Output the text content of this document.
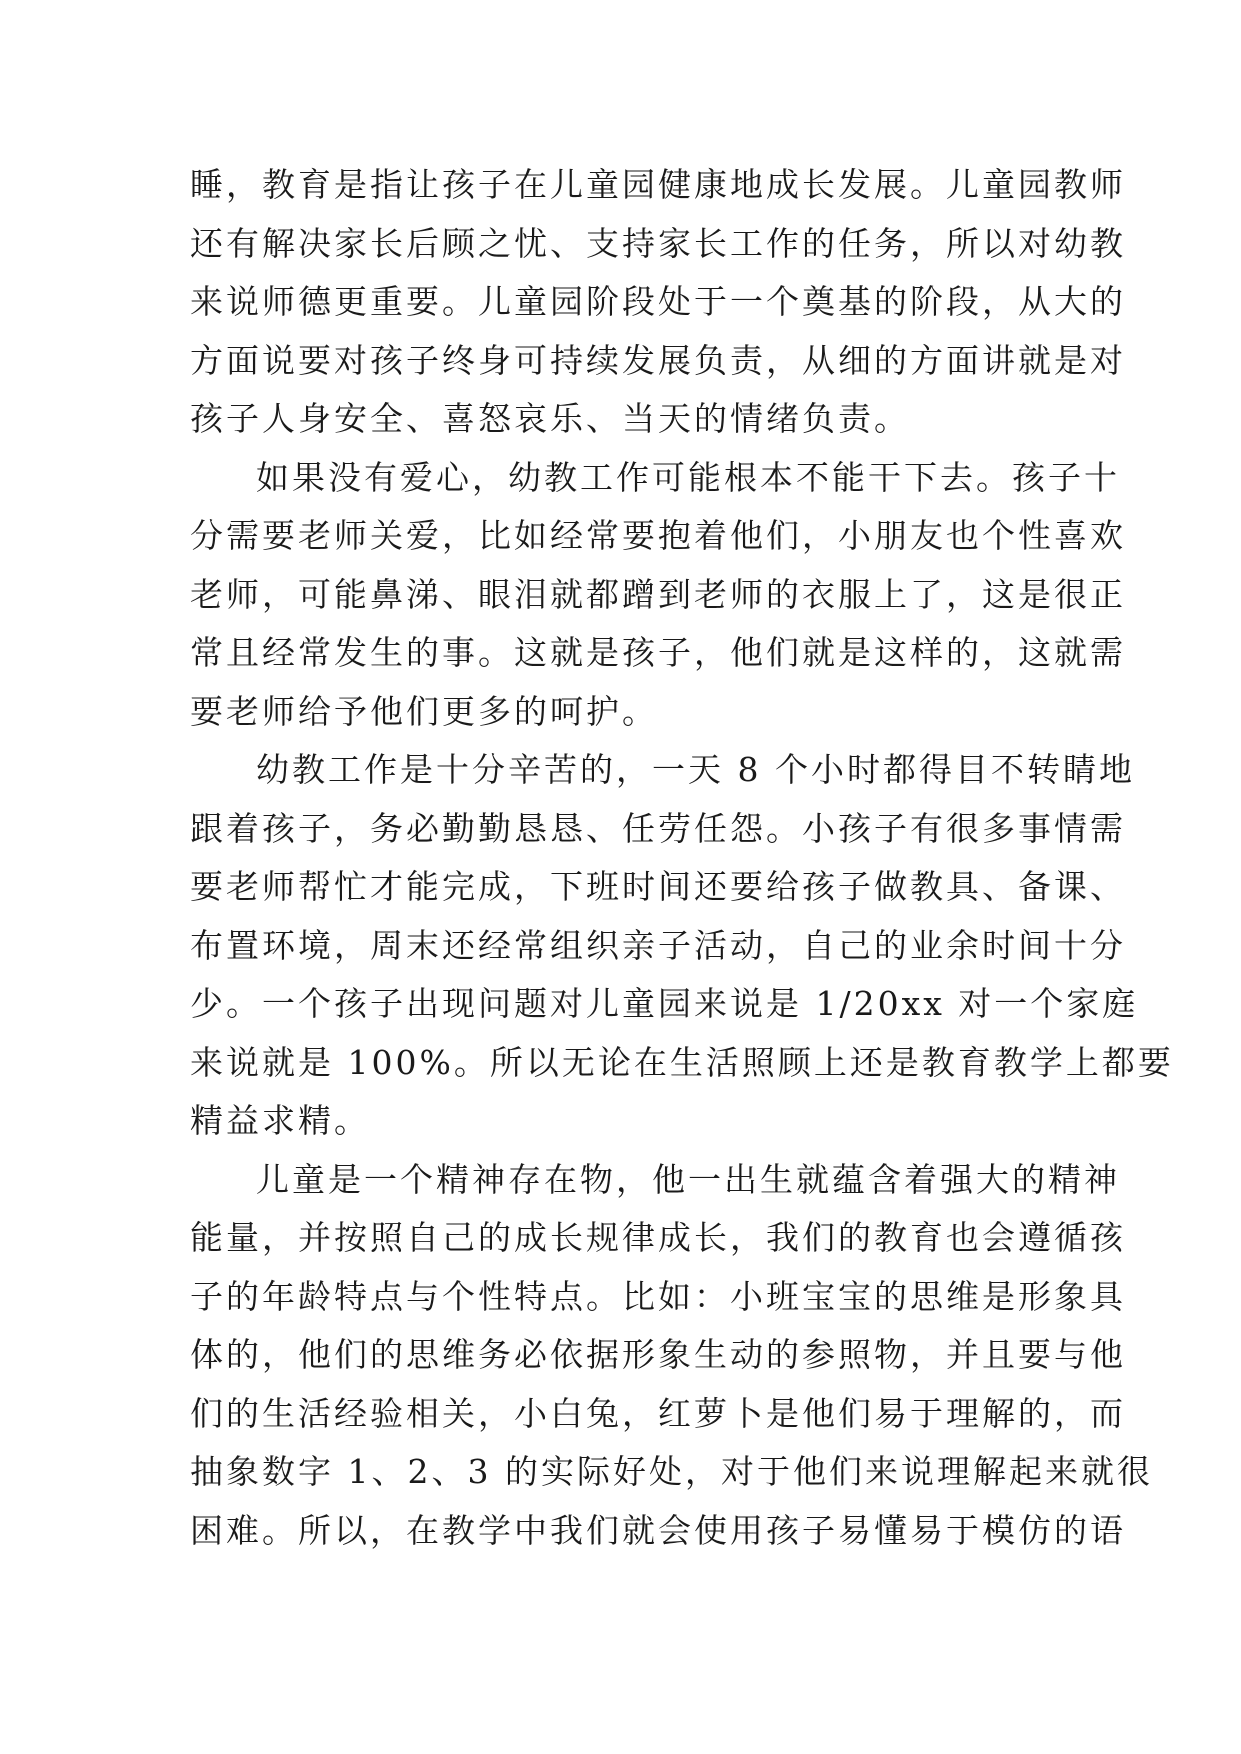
睡，教育是指让孩子在儿童园健康地成长发展。儿童园教师
还有解决家长后顾之忧、支持家长工作的任务，所以对幼教
来说师德更重要。儿童园阶段处于一个奠基的阶段，从大的
方面说要对孩子终身可持续发展负责，从细的方面讲就是对
孩子人身安全、喜怒哀乐、当天的情绪负责。
如果没有爱心，幼教工作可能根本不能干下去。孩子十
分需要老师关爱，比如经常要抱着他们，小朋友也个性喜欢
老师，可能鼻涕、眼泪就都蹭到老师的衣服上了，这是很正
常且经常发生的事。这就是孩子，他们就是这样的，这就需
要老师给予他们更多的呵护。
幼教工作是十分辛苦的，一天 8 个小时都得目不转睛地
跟着孩子，务必勤勤恳恳、任劳任怨。小孩子有很多事情需
要老师帮忙才能完成，下班时间还要给孩子做教具、备课、
布置环境，周末还经常组织亲子活动，自己的业余时间十分
少。一个孩子出现问题对儿童园来说是 1/20xx 对一个家庭
来说就是 100%。所以无论在生活照顾上还是教育教学上都要
精益求精。
儿童是一个精神存在物，他一出生就蕴含着强大的精神
能量，并按照自己的成长规律成长，我们的教育也会遵循孩
子的年龄特点与个性特点。比如：小班宝宝的思维是形象具
体的，他们的思维务必依据形象生动的参照物，并且要与他
们的生活经验相关，小白兔，红萝卜是他们易于理解的，而
抽象数字 1、2、3 的实际好处，对于他们来说理解起来就很
困难。所以，在教学中我们就会使用孩子易懂易于模仿的语
